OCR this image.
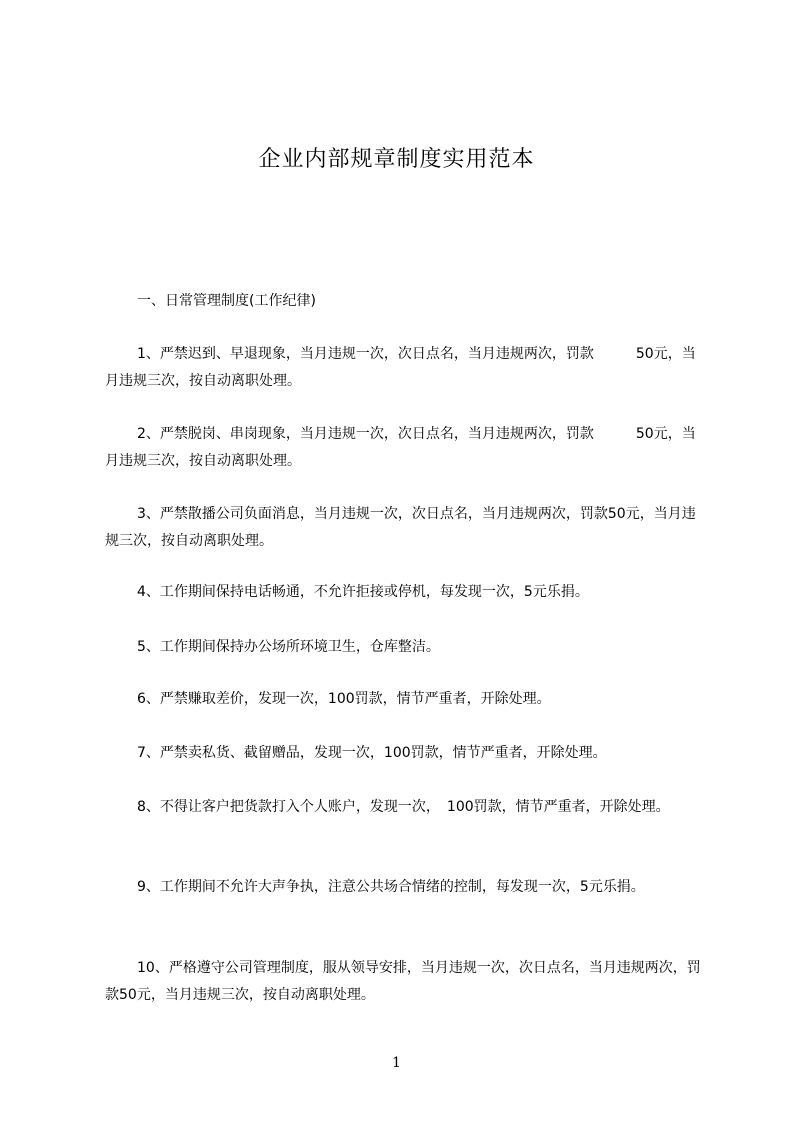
企业内部规章制度实用范本
一、日常管理制度(工作纪律)
1、严禁迟到、早退现象，当月违规一次，次日点名，当月违规两次，罚款　　　50元，当月违规三次，按自动离职处理。
2、严禁脱岗、串岗现象，当月违规一次，次日点名，当月违规两次，罚款　　　50元，当月违规三次，按自动离职处理。
3、严禁散播公司负面消息，当月违规一次，次日点名，当月违规两次，罚款50元，当月违规三次，按自动离职处理。
4、工作期间保持电话畅通，不允许拒接或停机，每发现一次，5元乐捐。
5、工作期间保持办公场所环境卫生，仓库整洁。
6、严禁赚取差价，发现一次，100罚款，情节严重者，开除处理。
7、严禁卖私货、截留赠品，发现一次，100罚款，情节严重者，开除处理。
8、不得让客户把货款打入个人账户，发现一次，　100罚款，情节严重者，开除处理。
9、工作期间不允许大声争执，注意公共场合情绪的控制，每发现一次，5元乐捐。
10、严格遵守公司管理制度，服从领导安排，当月违规一次，次日点名，当月违规两次，罚款50元，当月违规三次，按自动离职处理。
1
